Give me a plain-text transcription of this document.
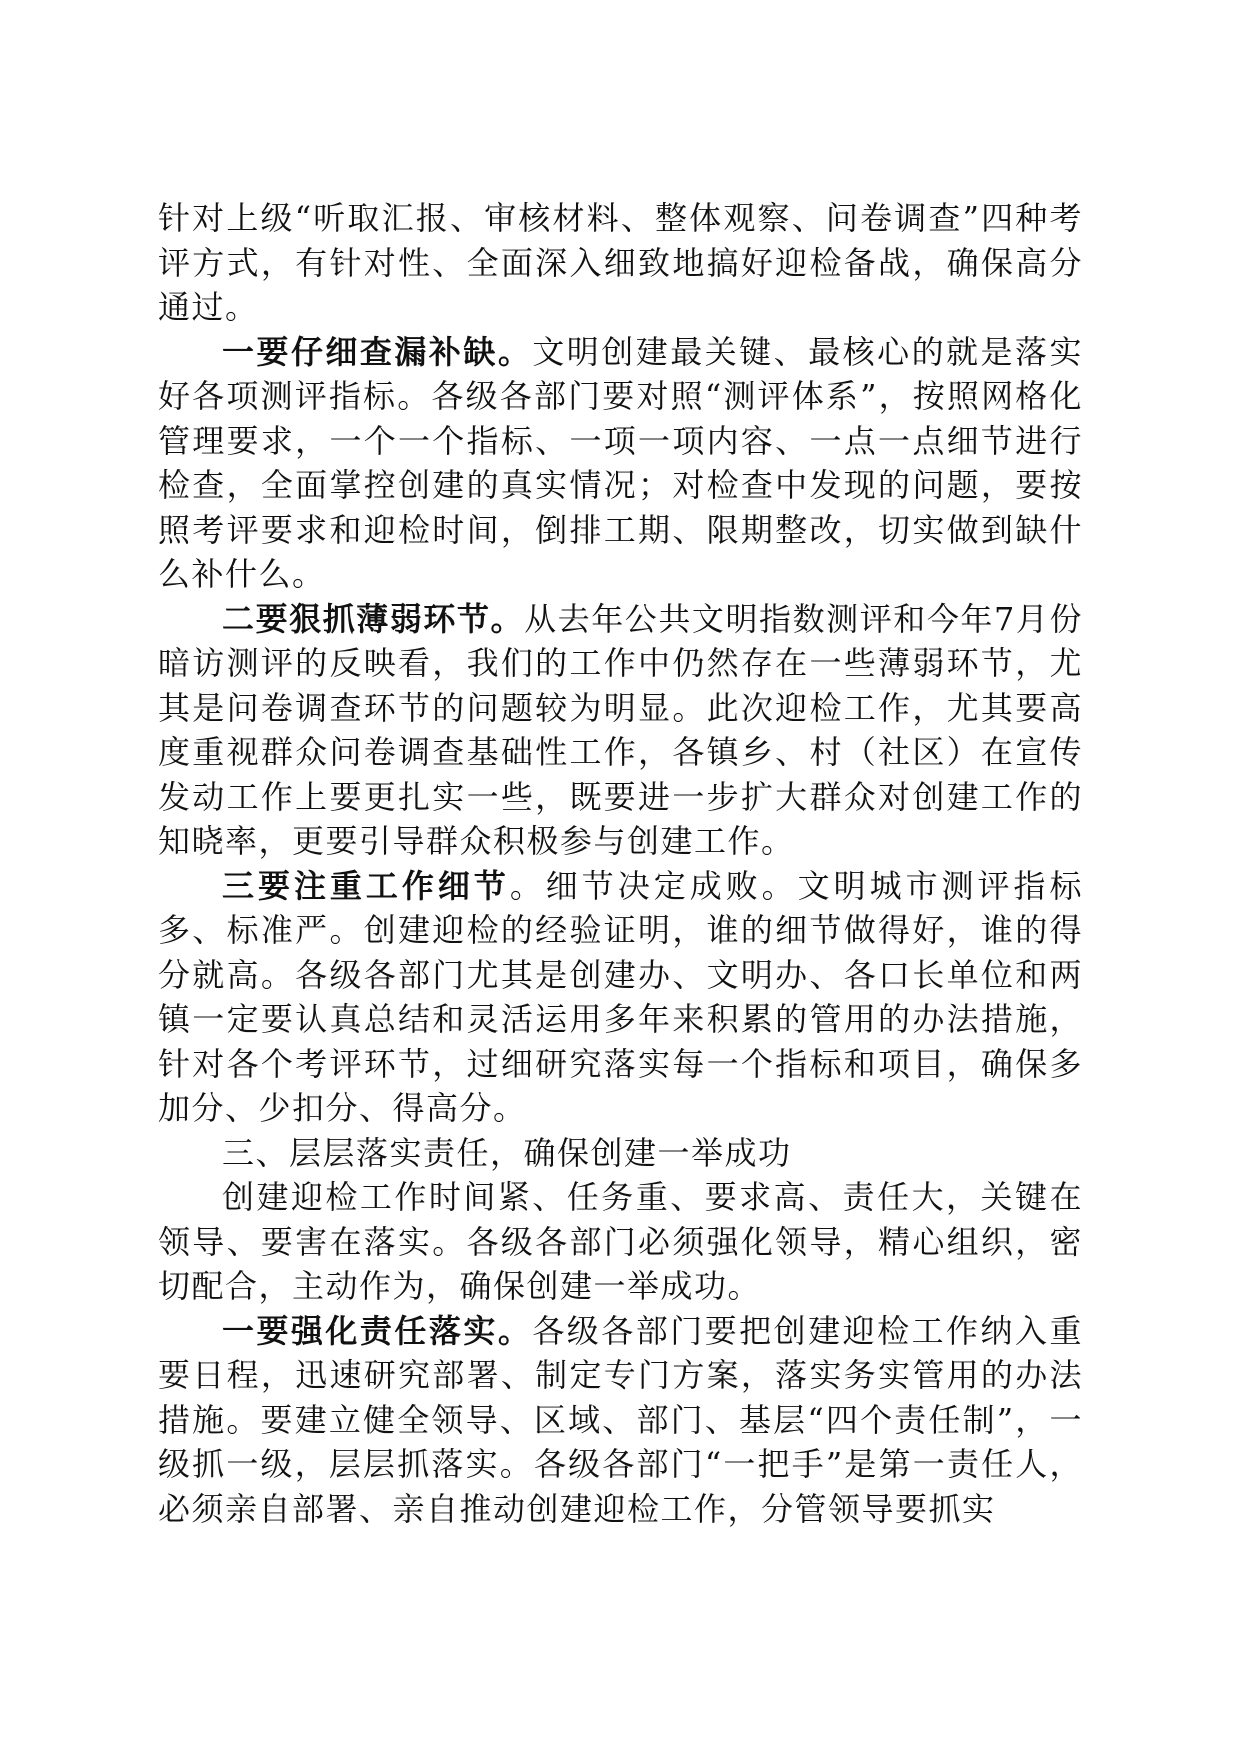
针对上级“听取汇报、审核材料、整体观察、问卷调查”四种考评方式，有针对性、全面深入细致地搞好迎检备战，确保高分通过。

一要仔细查漏补缺。文明创建最关键、最核心的就是落实好各项测评指标。各级各部门要对照“测评体系”，按照网格化管理要求，一个一个指标、一项一项内容、一点一点细节进行检查，全面掌控创建的真实情况；对检查中发现的问题，要按照考评要求和迎检时间，倒排工期、限期整改，切实做到缺什么补什么。

二要狠抓薄弱环节。从去年公共文明指数测评和今年7月份暗访测评的反映看，我们的工作中仍然存在一些薄弱环节，尤其是问卷调查环节的问题较为明显。此次迎检工作，尤其要高度重视群众问卷调查基础性工作，各镇乡、村（社区）在宣传发动工作上要更扎实一些，既要进一步扩大群众对创建工作的知晓率，更要引导群众积极参与创建工作。

三要注重工作细节。细节决定成败。文明城市测评指标多、标准严。创建迎检的经验证明，谁的细节做得好，谁的得分就高。各级各部门尤其是创建办、文明办、各口长单位和两镇一定要认真总结和灵活运用多年来积累的管用的办法措施，针对各个考评环节，过细研究落实每一个指标和项目，确保多加分、少扣分、得高分。

三、层层落实责任，确保创建一举成功

创建迎检工作时间紧、任务重、要求高、责任大，关键在领导、要害在落实。各级各部门必须强化领导，精心组织，密切配合，主动作为，确保创建一举成功。

一要强化责任落实。各级各部门要把创建迎检工作纳入重要日程，迅速研究部署、制定专门方案，落实务实管用的办法措施。要建立健全领导、区域、部门、基层“四个责任制”，一级抓一级，层层抓落实。各级各部门“一把手”是第一责任人，必须亲自部署、亲自推动创建迎检工作，分管领导要抓实
